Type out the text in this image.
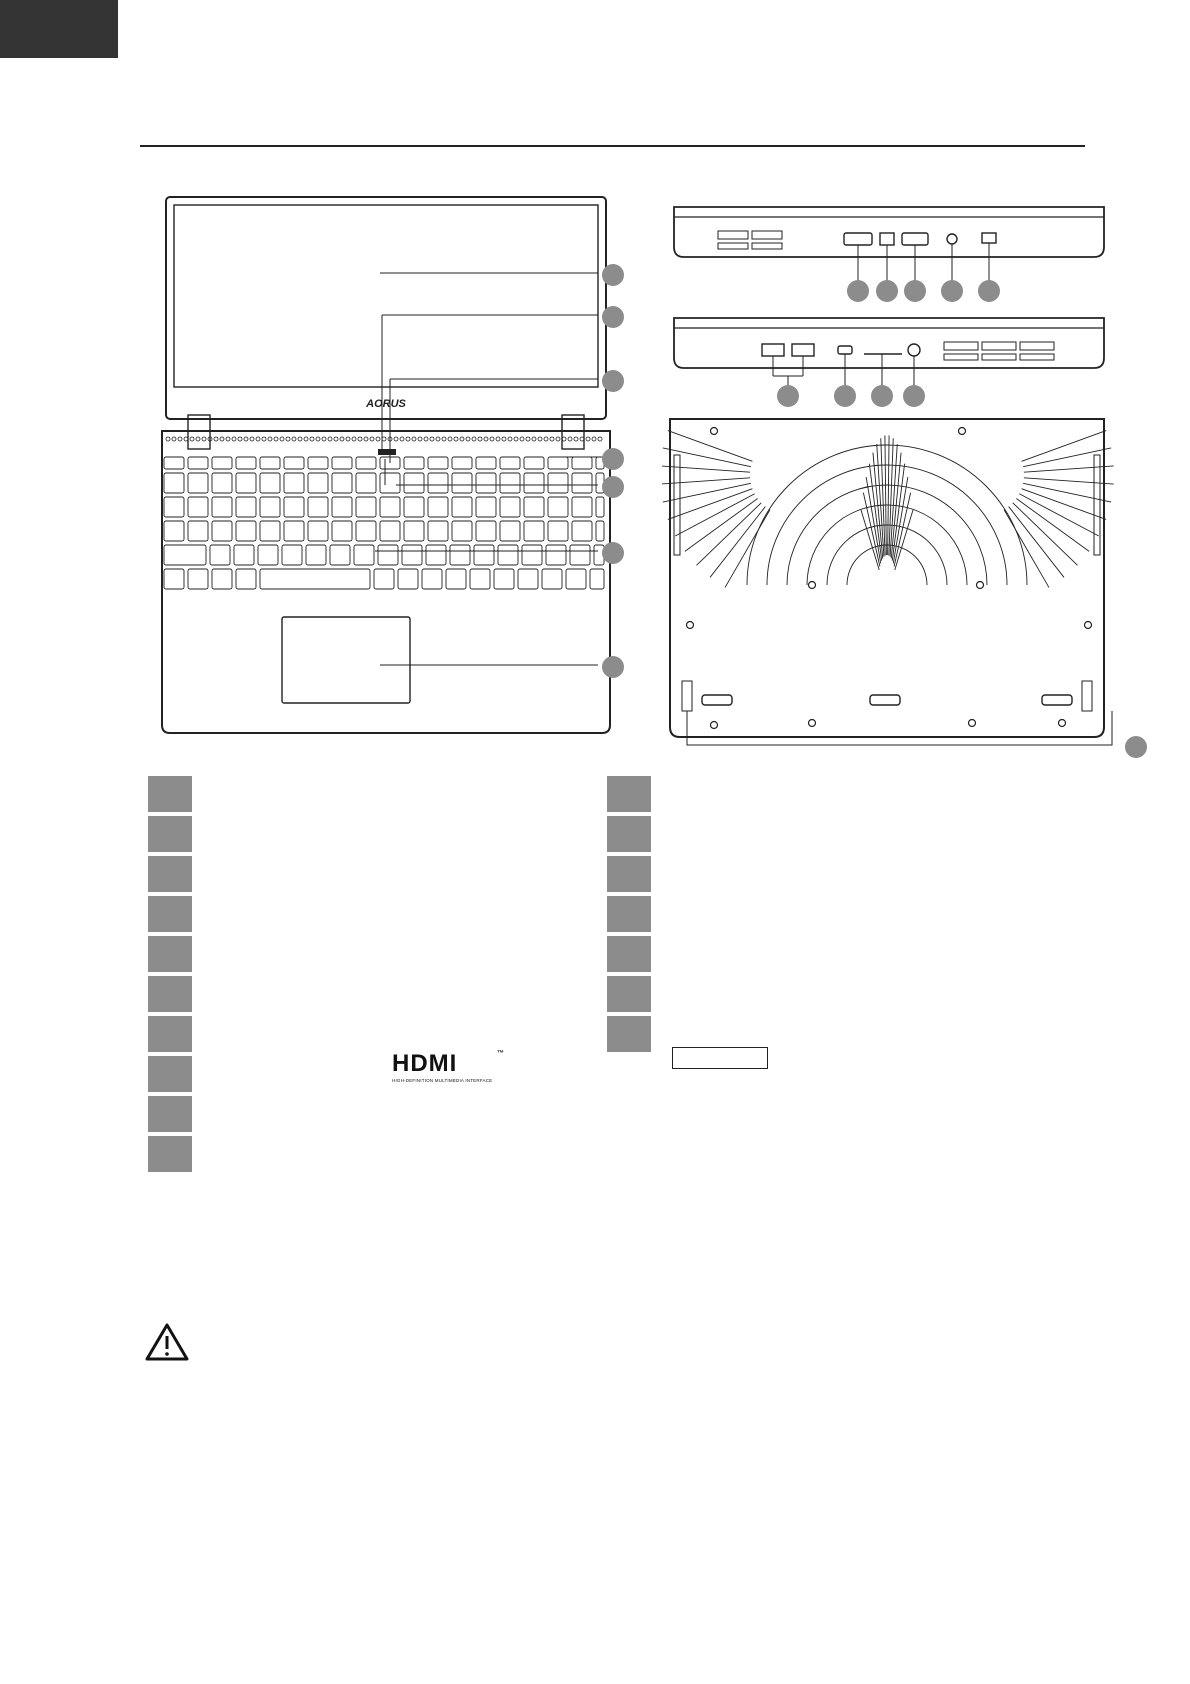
AORUS
HDMI	™
HIGH-DEFINITION MULTIMEDIA INTERFACE
